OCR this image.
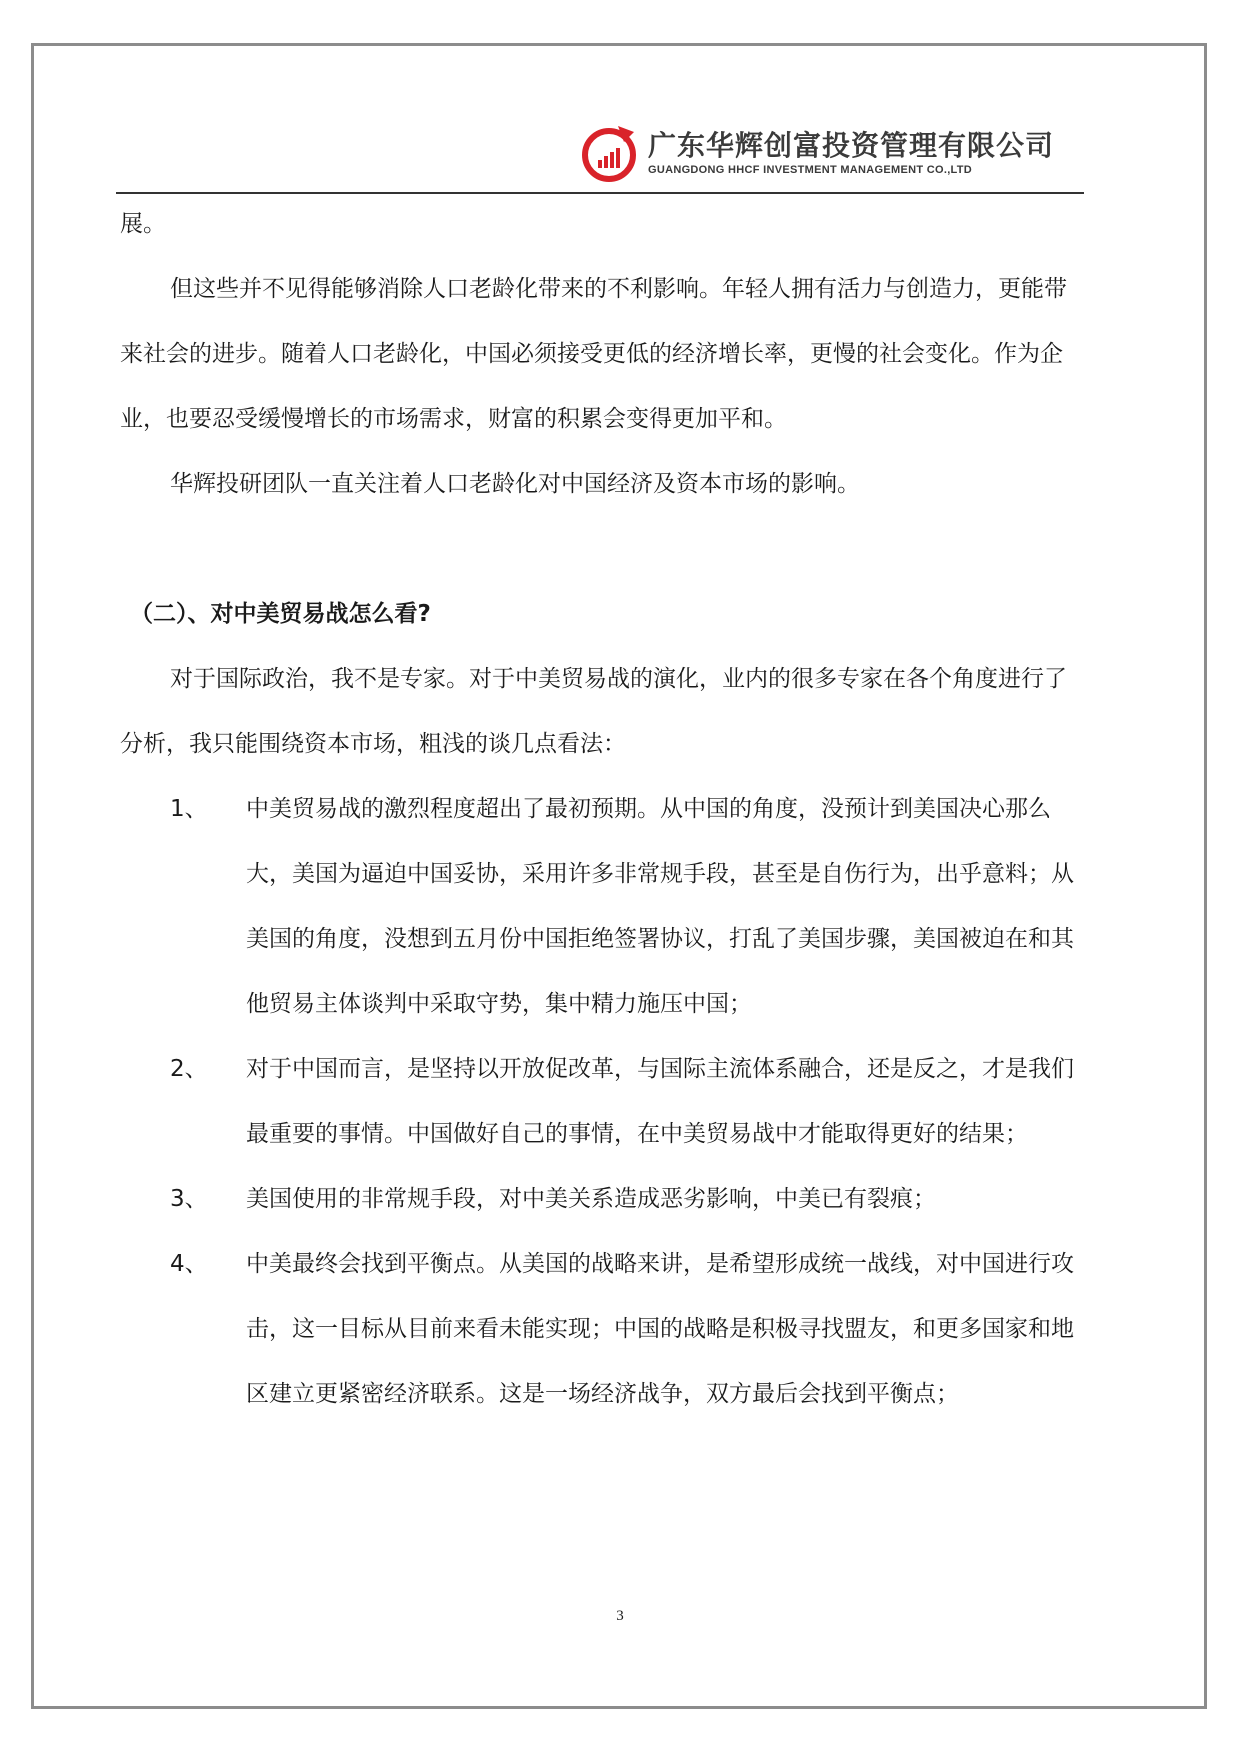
广东华辉创富投资管理有限公司
GUANGDONG HHCF INVESTMENT MANAGEMENT CO.,LTD

展。

但这些并不见得能够消除人口老龄化带来的不利影响。年轻人拥有活力与创造力，更能带来社会的进步。随着人口老龄化，中国必须接受更低的经济增长率，更慢的社会变化。作为企业，也要忍受缓慢增长的市场需求，财富的积累会变得更加平和。

华辉投研团队一直关注着人口老龄化对中国经济及资本市场的影响。

（二）、对中美贸易战怎么看?

对于国际政治，我不是专家。对于中美贸易战的演化，业内的很多专家在各个角度进行了分析，我只能围绕资本市场，粗浅的谈几点看法：

1、	中美贸易战的激烈程度超出了最初预期。从中国的角度，没预计到美国决心那么大，美国为逼迫中国妥协，采用许多非常规手段，甚至是自伤行为，出乎意料；从美国的角度，没想到五月份中国拒绝签署协议，打乱了美国步骤，美国被迫在和其他贸易主体谈判中采取守势，集中精力施压中国；
2、	对于中国而言，是坚持以开放促改革，与国际主流体系融合，还是反之，才是我们最重要的事情。中国做好自己的事情，在中美贸易战中才能取得更好的结果；
3、	美国使用的非常规手段，对中美关系造成恶劣影响，中美已有裂痕；
4、	中美最终会找到平衡点。从美国的战略来讲，是希望形成统一战线，对中国进行攻击，这一目标从目前来看未能实现；中国的战略是积极寻找盟友，和更多国家和地区建立更紧密经济联系。这是一场经济战争，双方最后会找到平衡点；
3
